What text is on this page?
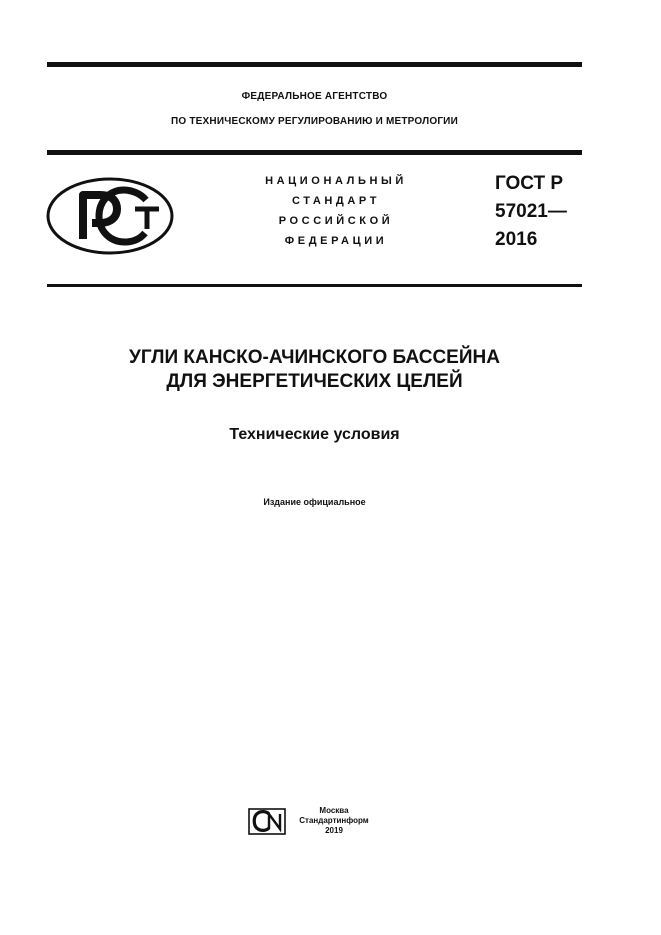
ФЕДЕРАЛЬНОЕ АГЕНТСТВО
ПО ТЕХНИЧЕСКОМУ РЕГУЛИРОВАНИЮ И МЕТРОЛОГИИ
НАЦИОНАЛЬНЫЙ
СТАНДАРТ
РОССИЙСКОЙ
ФЕДЕРАЦИИ
ГОСТ Р
57021—
2016
УГЛИ КАНСКО-АЧИНСКОГО БАССЕЙНА
ДЛЯ ЭНЕРГЕТИЧЕСКИХ ЦЕЛЕЙ
Технические условия
Издание официальное
Москва
Стандартинформ
2019
